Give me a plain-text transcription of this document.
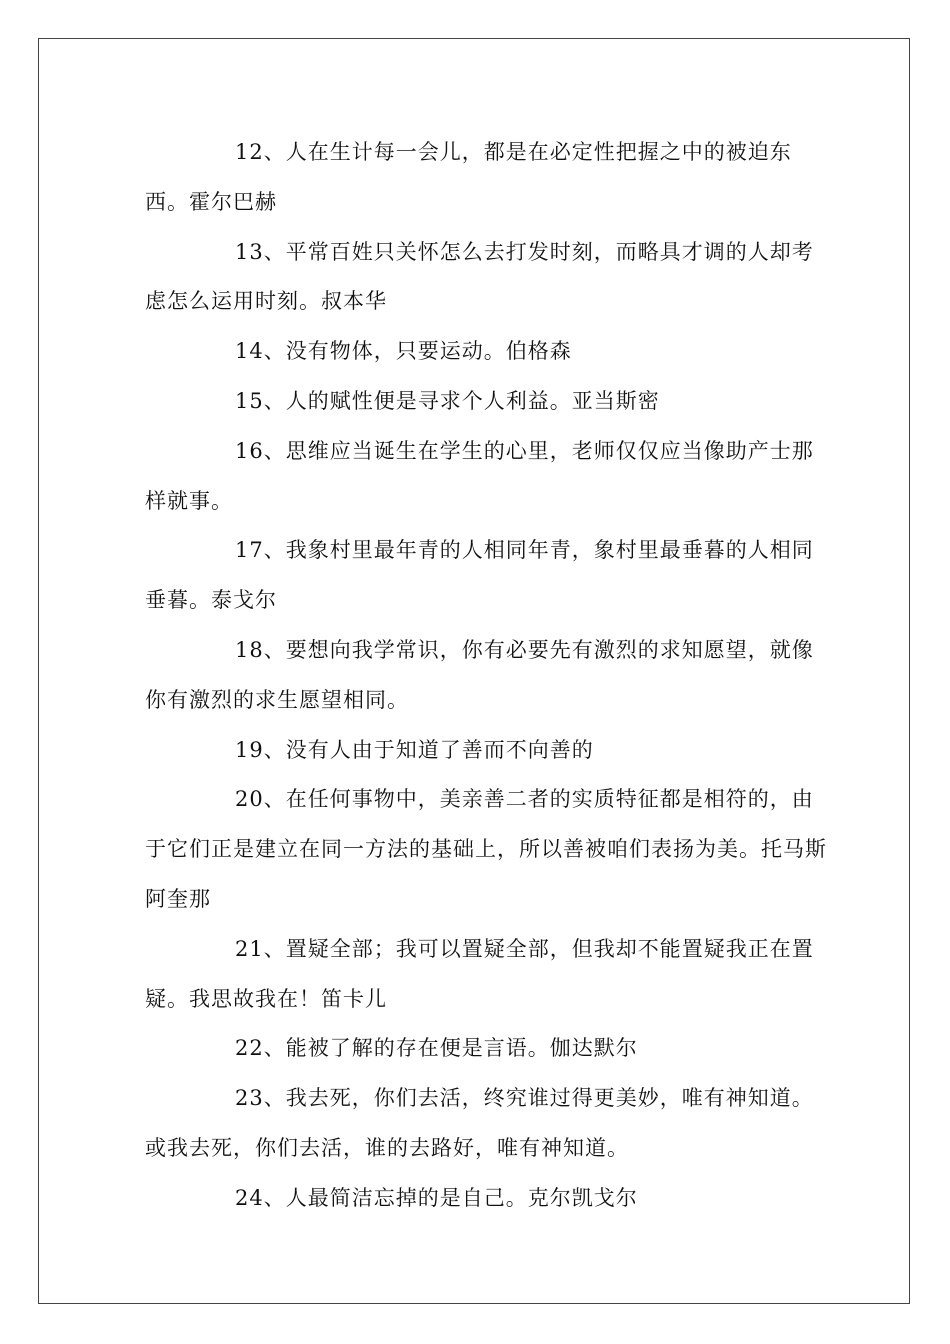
12、人在生计每一会儿，都是在必定性把握之中的被迫东西。霍尔巴赫

13、平常百姓只关怀怎么去打发时刻，而略具才调的人却考虑怎么运用时刻。叔本华

14、没有物体，只要运动。伯格森

15、人的赋性便是寻求个人利益。亚当斯密

16、思维应当诞生在学生的心里，老师仅仅应当像助产士那样就事。

17、我象村里最年青的人相同年青，象村里最垂暮的人相同垂暮。泰戈尔

18、要想向我学常识，你有必要先有激烈的求知愿望，就像你有激烈的求生愿望相同。

19、没有人由于知道了善而不向善的

20、在任何事物中，美亲善二者的实质特征都是相符的，由于它们正是建立在同一方法的基础上，所以善被咱们表扬为美。托马斯阿奎那

21、置疑全部；我可以置疑全部，但我却不能置疑我正在置疑。我思故我在！笛卡儿

22、能被了解的存在便是言语。伽达默尔

23、我去死，你们去活，终究谁过得更美妙，唯有神知道。或我去死，你们去活，谁的去路好，唯有神知道。

24、人最简洁忘掉的是自己。克尔凯戈尔
